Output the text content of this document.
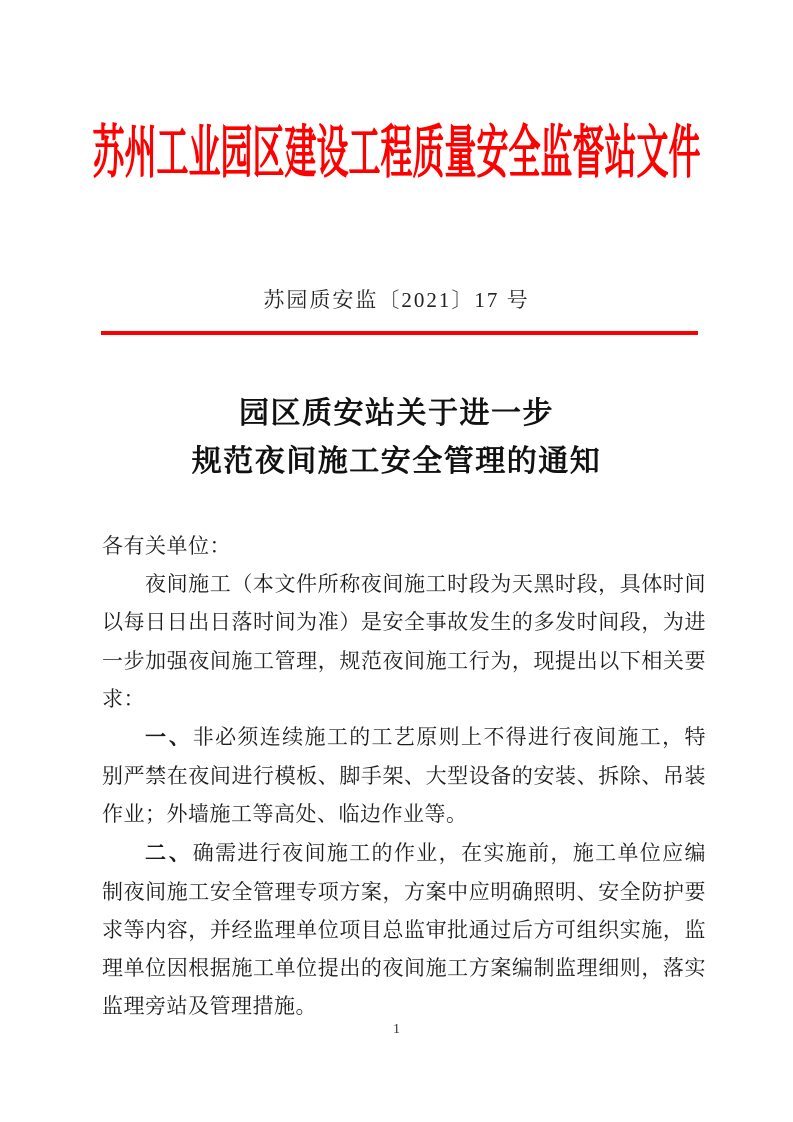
苏州工业园区建设工程质量安全监督站文件
苏园质安监〔2021〕17 号
园区质安站关于进一步
规范夜间施工安全管理的通知

各有关单位：

夜间施工（本文件所称夜间施工时段为天黑时段，具体时间以每日日出日落时间为准）是安全事故发生的多发时间段，为进一步加强夜间施工管理，规范夜间施工行为，现提出以下相关要求：

一、非必须连续施工的工艺原则上不得进行夜间施工，特别严禁在夜间进行模板、脚手架、大型设备的安装、拆除、吊装作业；外墙施工等高处、临边作业等。

二、确需进行夜间施工的作业，在实施前，施工单位应编制夜间施工安全管理专项方案，方案中应明确照明、安全防护要求等内容，并经监理单位项目总监审批通过后方可组织实施，监理单位因根据施工单位提出的夜间施工方案编制监理细则，落实监理旁站及管理措施。

1
